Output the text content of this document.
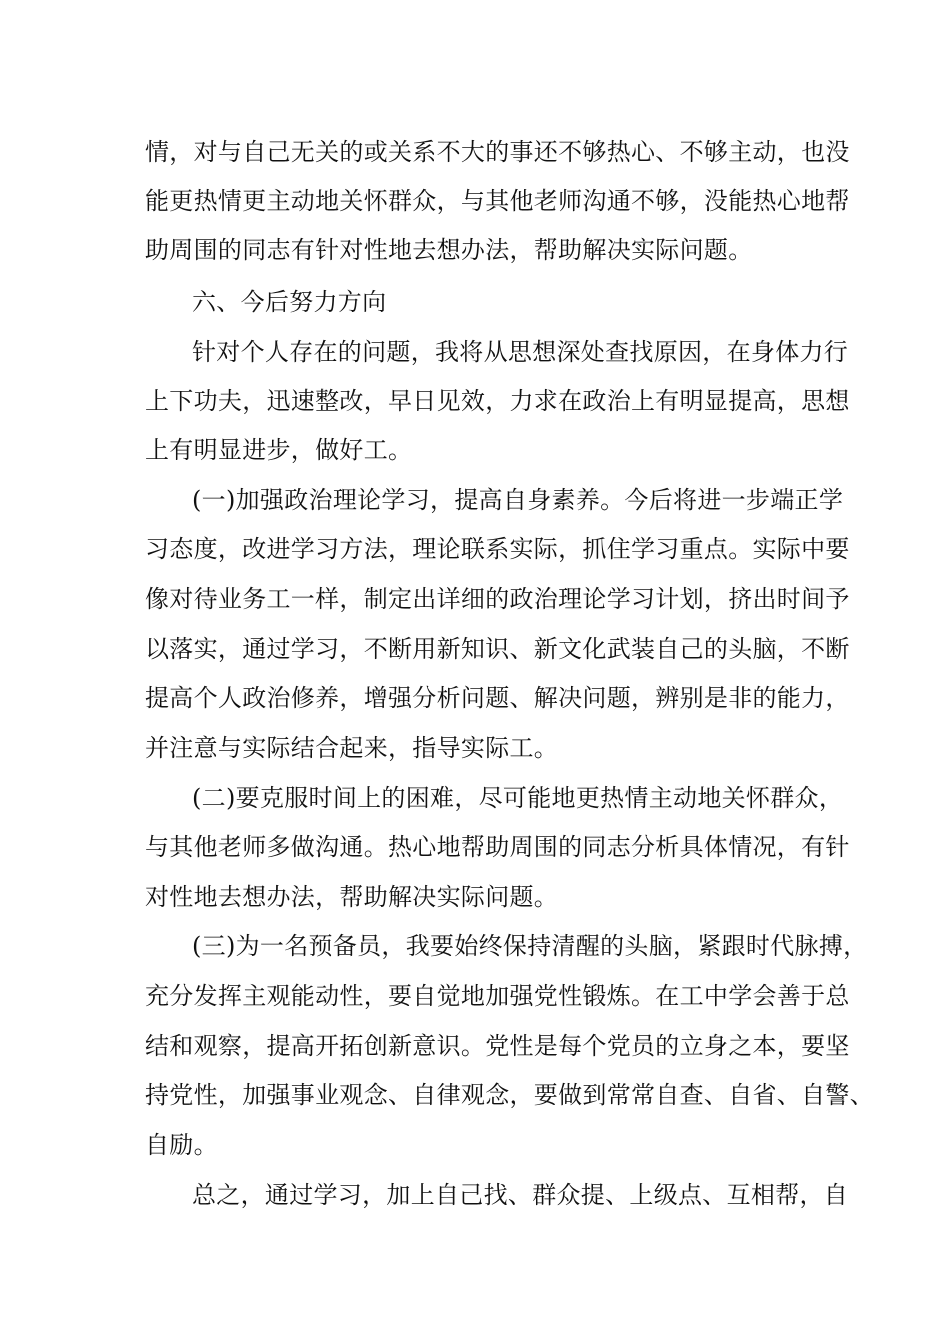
情，对与自己无关的或关系不大的事还不够热心、不够主动，也没
能更热情更主动地关怀群众，与其他老师沟通不够，没能热心地帮
助周围的同志有针对性地去想办法，帮助解决实际问题。
六、今后努力方向
针对个人存在的问题，我将从思想深处查找原因，在身体力行
上下功夫，迅速整改，早日见效，力求在政治上有明显提高，思想
上有明显进步，做好工。
(一)加强政治理论学习，提高自身素养。今后将进一步端正学
习态度，改进学习方法，理论联系实际，抓住学习重点。实际中要
像对待业务工一样，制定出详细的政治理论学习计划，挤出时间予
以落实，通过学习，不断用新知识、新文化武装自己的头脑，不断
提高个人政治修养，增强分析问题、解决问题，辨别是非的能力，
并注意与实际结合起来，指导实际工。
(二)要克服时间上的困难，尽可能地更热情主动地关怀群众，
与其他老师多做沟通。热心地帮助周围的同志分析具体情况，有针
对性地去想办法，帮助解决实际问题。
(三)为一名预备员，我要始终保持清醒的头脑，紧跟时代脉搏，
充分发挥主观能动性，要自觉地加强党性锻炼。在工中学会善于总
结和观察，提高开拓创新意识。党性是每个党员的立身之本，要坚
持党性，加强事业观念、自律观念，要做到常常自查、自省、自警、
自励。
总之，通过学习，加上自己找、群众提、上级点、互相帮，自
